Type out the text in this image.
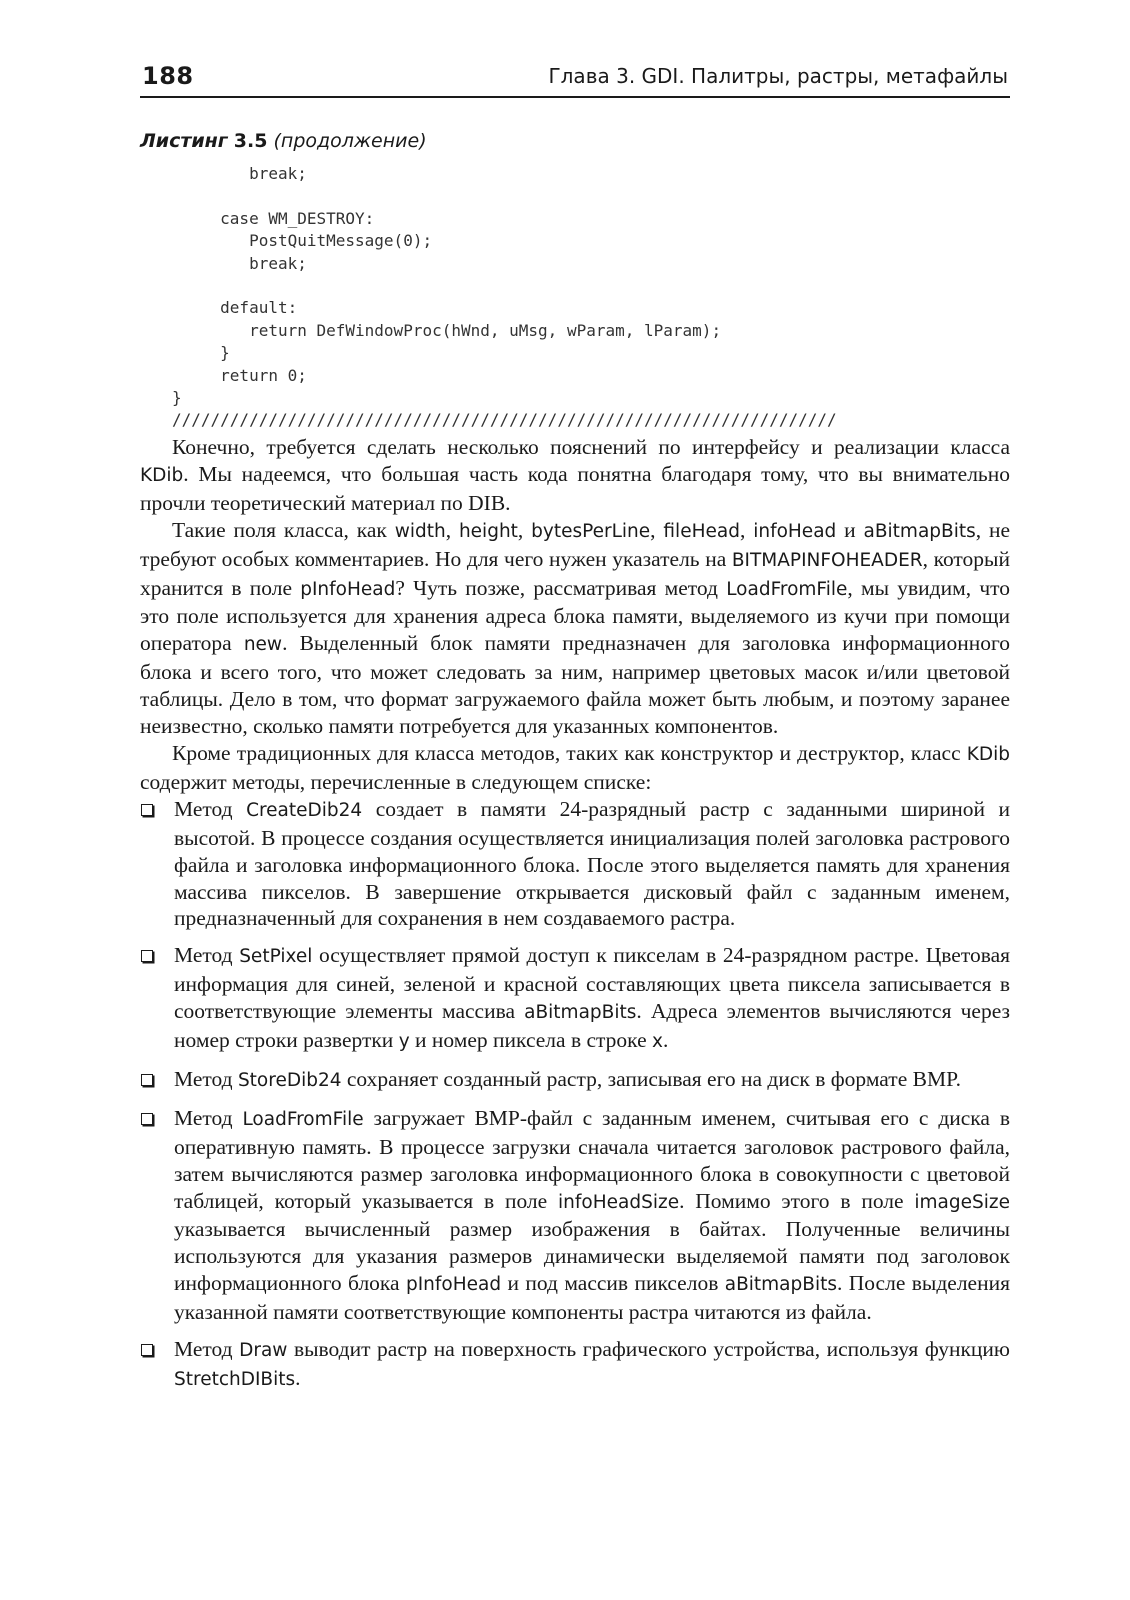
188	Глава 3. GDI. Палитры, растры, метафайлы
Листинг 3.5 (продолжение)
break;
case WM_DESTROY:
PostQuitMessage(0);
break;
default:
return DefWindowProc(hWnd, uMsg, wParam, lParam);
}
return 0;
}
/////////////////////////////////////////////////////////////////////

Конечно, требуется сделать несколько пояснений по интерфейсу и реализации класса KDib. Мы надеемся, что большая часть кода понятна благодаря тому, что вы внимательно прочли теоретический материал по DIB.

Такие поля класса, как width, height, bytesPerLine, fileHead, infoHead и aBitmapBits, не требуют особых комментариев. Но для чего нужен указатель на BITMAPINFOHEADER, который хранится в поле pInfoHead? Чуть позже, рассматривая метод LoadFromFile, мы увидим, что это поле используется для хранения адреса блока памяти, выделяемого из кучи при помощи оператора new. Выделенный блок памяти предназначен для заголовка информационного блока и всего того, что может следовать за ним, например цветовых масок и/или цветовой таблицы. Дело в том, что формат загружаемого файла может быть любым, и поэтому заранее неизвестно, сколько памяти потребуется для указанных компонентов.

Кроме традиционных для класса методов, таких как конструктор и деструктор, класс KDib содержит методы, перечисленные в следующем списке:

Метод CreateDib24 создает в памяти 24-разрядный растр с заданными шириной и высотой. В процессе создания осуществляется инициализация полей заголовка растрового файла и заголовка информационного блока. После этого выделяется память для хранения массива пикселов. В завершение открывается дисковый файл с заданным именем, предназначенный для сохранения в нем создаваемого растра.
Метод SetPixel осуществляет прямой доступ к пикселам в 24-разрядном растре. Цветовая информация для синей, зеленой и красной составляющих цвета пиксела записывается в соответствующие элементы массива aBitmapBits. Адреса элементов вычисляются через номер строки развертки y и номер пиксела в строке x.
Метод StoreDib24 сохраняет созданный растр, записывая его на диск в формате BMP.
Метод LoadFromFile загружает BMP-файл с заданным именем, считывая его с диска в оперативную память. В процессе загрузки сначала читается заголовок растрового файла, затем вычисляются размер заголовка информационного блока в совокупности с цветовой таблицей, который указывается в поле infoHeadSize. Помимо этого в поле imageSize указывается вычисленный размер изображения в байтах. Полученные величины используются для указания размеров динамически выделяемой памяти под заголовок информационного блока pInfoHead и под массив пикселов aBitmapBits. После выделения указанной памяти соответствующие компоненты растра читаются из файла.
Метод Draw выводит растр на поверхность графического устройства, используя функцию StretchDIBits.
